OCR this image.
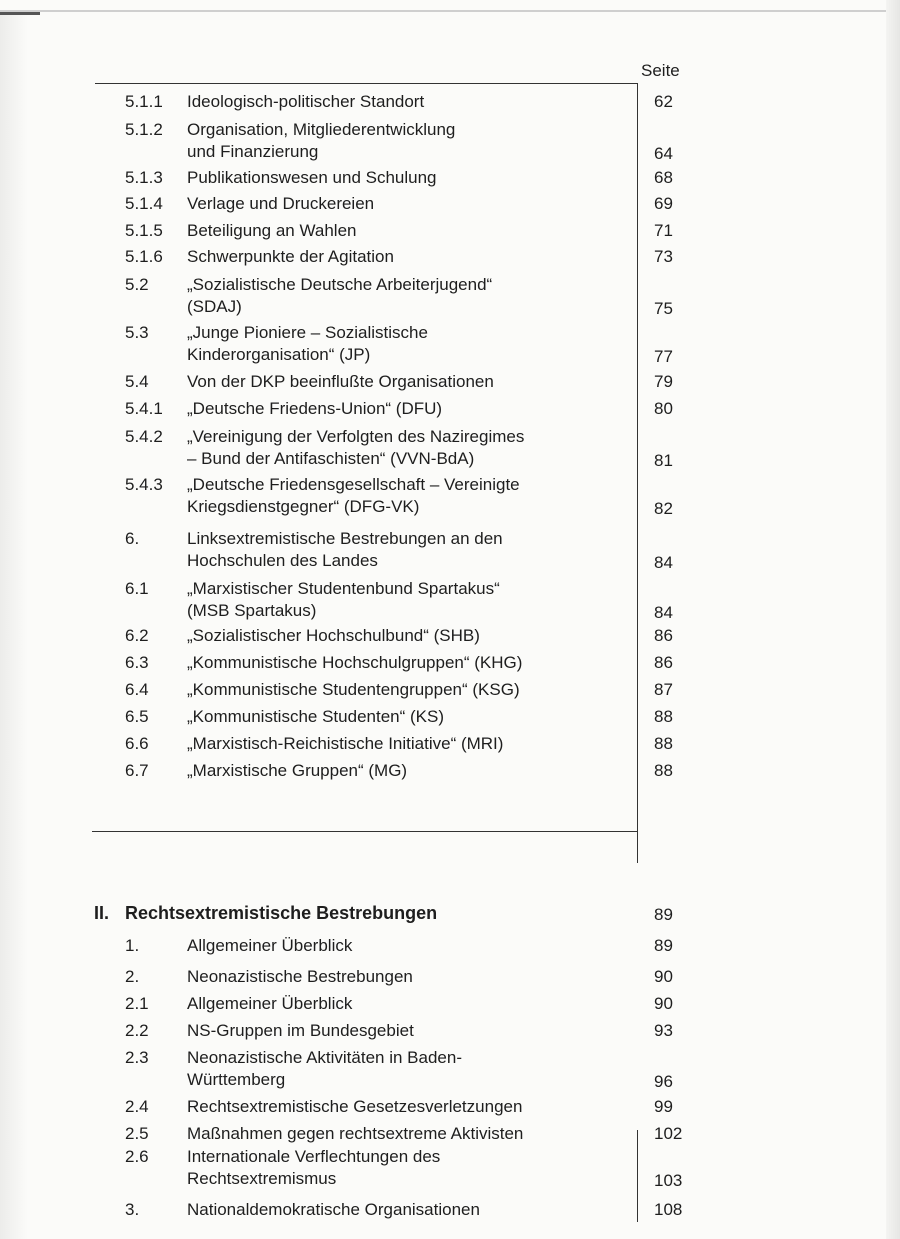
Seite
5.1.1 Ideologisch-politischer Standort	62
5.1.2 Organisation, Mitgliederentwicklung
und Finanzierung	64
5.1.3 Publikationswesen und Schulung	68
5.1.4 Verlage und Druckereien	69
5.1.5 Beteiligung an Wahlen	71
5.1.6 Schwerpunkte der Agitation	73
5.2 „Sozialistische Deutsche Arbeiterjugend“
(SDAJ)	75
5.3 „Junge Pioniere – Sozialistische
Kinderorganisation“ (JP)	77
5.4 Von der DKP beeinflußte Organisationen	79
5.4.1 „Deutsche Friedens-Union“ (DFU)	80
5.4.2 „Vereinigung der Verfolgten des Naziregimes
– Bund der Antifaschisten“ (VVN-BdA)	81
5.4.3 „Deutsche Friedensgesellschaft – Vereinigte
Kriegsdienstgegner“ (DFG-VK)	82
6.	Linksextremistische Bestrebungen an den
Hochschulen des Landes	84
6.1 „Marxistischer Studentenbund Spartakus“
(MSB Spartakus)	84
6.2 „Sozialistischer Hochschulbund“ (SHB)	86
6.3 „Kommunistische Hochschulgruppen“ (KHG)	86
6.4 „Kommunistische Studentengruppen“ (KSG)	87
6.5 „Kommunistische Studenten“ (KS)	88
6.6 „Marxistisch-Reichistische Initiative“ (MRI)	88
6.7 „Marxistische Gruppen“ (MG)	88
II. Rechtsextremistische Bestrebungen	89
1.	Allgemeiner Überblick	89
2.	Neonazistische Bestrebungen	90
2.1 Allgemeiner Überblick	90
2.2 NS-Gruppen im Bundesgebiet	93
2.3 Neonazistische Aktivitäten in Baden-
Württemberg	96
2.4 Rechtsextremistische Gesetzesverletzungen	99
2.5 Maßnahmen gegen rechtsextreme Aktivisten	102
2.6 Internationale Verflechtungen des
Rechtsextremismus	103
3.	Nationaldemokratische Organisationen	108
